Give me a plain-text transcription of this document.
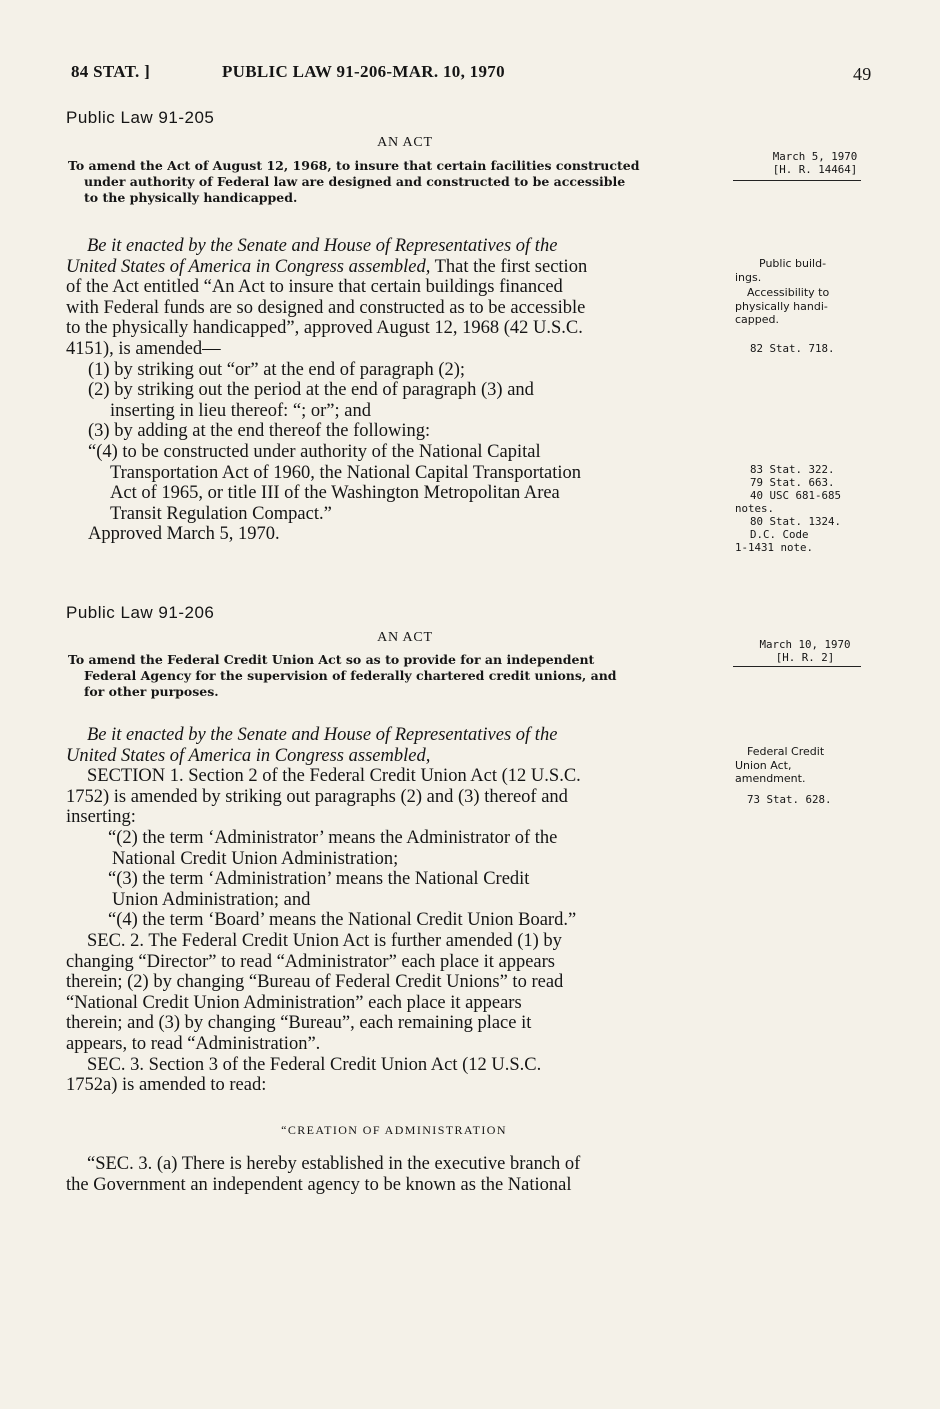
84 STAT. ]	PUBLIC LAW 91-206-MAR. 10, 1970	49
Public Law 91-205
AN ACT
To amend the Act of August 12, 1968, to insure that certain facilities constructed
under authority of Federal law are designed and constructed to be accessible
to the physically handicapped.
March 5, 1970
[H. R. 14464]
Be it enacted by the Senate and House of Representatives of the
United States of America in Congress assembled, That the first section
of the Act entitled “An Act to insure that certain buildings financed
with Federal funds are so designed and constructed as to be accessible
to the physically handicapped”, approved August 12, 1968 (42 U.S.C.
4151), is amended—
(1) by striking out “or” at the end of paragraph (2);
(2) by striking out the period at the end of paragraph (3) and
inserting in lieu thereof: “; or”; and
(3) by adding at the end thereof the following:
“(4) to be constructed under authority of the National Capital
Transportation Act of 1960, the National Capital Transportation
Act of 1965, or title III of the Washington Metropolitan Area
Transit Regulation Compact.”
Approved March 5, 1970.
Public build-
ings.
Accessibility to
physically handi-
capped.
82 Stat. 718.
83 Stat. 322.
79 Stat. 663.
40 USC 681-685
notes.
80 Stat. 1324.
D.C. Code
1-1431 note.
Public Law 91-206
AN ACT
To amend the Federal Credit Union Act so as to provide for an independent
Federal Agency for the supervision of federally chartered credit unions, and
for other purposes.
March 10, 1970
[H. R. 2]
Be it enacted by the Senate and House of Representatives of the
United States of America in Congress assembled,
SECTION 1. Section 2 of the Federal Credit Union Act (12 U.S.C.
1752) is amended by striking out paragraphs (2) and (3) thereof and
inserting:
“(2) the term ‘Administrator’ means the Administrator of the
National Credit Union Administration;
“(3) the term ‘Administration’ means the National Credit
Union Administration; and
“(4) the term ‘Board’ means the National Credit Union Board.”
SEC. 2. The Federal Credit Union Act is further amended (1) by
changing “Director” to read “Administrator” each place it appears
therein; (2) by changing “Bureau of Federal Credit Unions” to read
“National Credit Union Administration” each place it appears
therein; and (3) by changing “Bureau”, each remaining place it
appears, to read “Administration”.
SEC. 3. Section 3 of the Federal Credit Union Act (12 U.S.C.
1752a) is amended to read:
“CREATION OF ADMINISTRATION
“SEC. 3. (a) There is hereby established in the executive branch of
the Government an independent agency to be known as the National
Federal Credit
Union Act,
amendment.
73 Stat. 628.
